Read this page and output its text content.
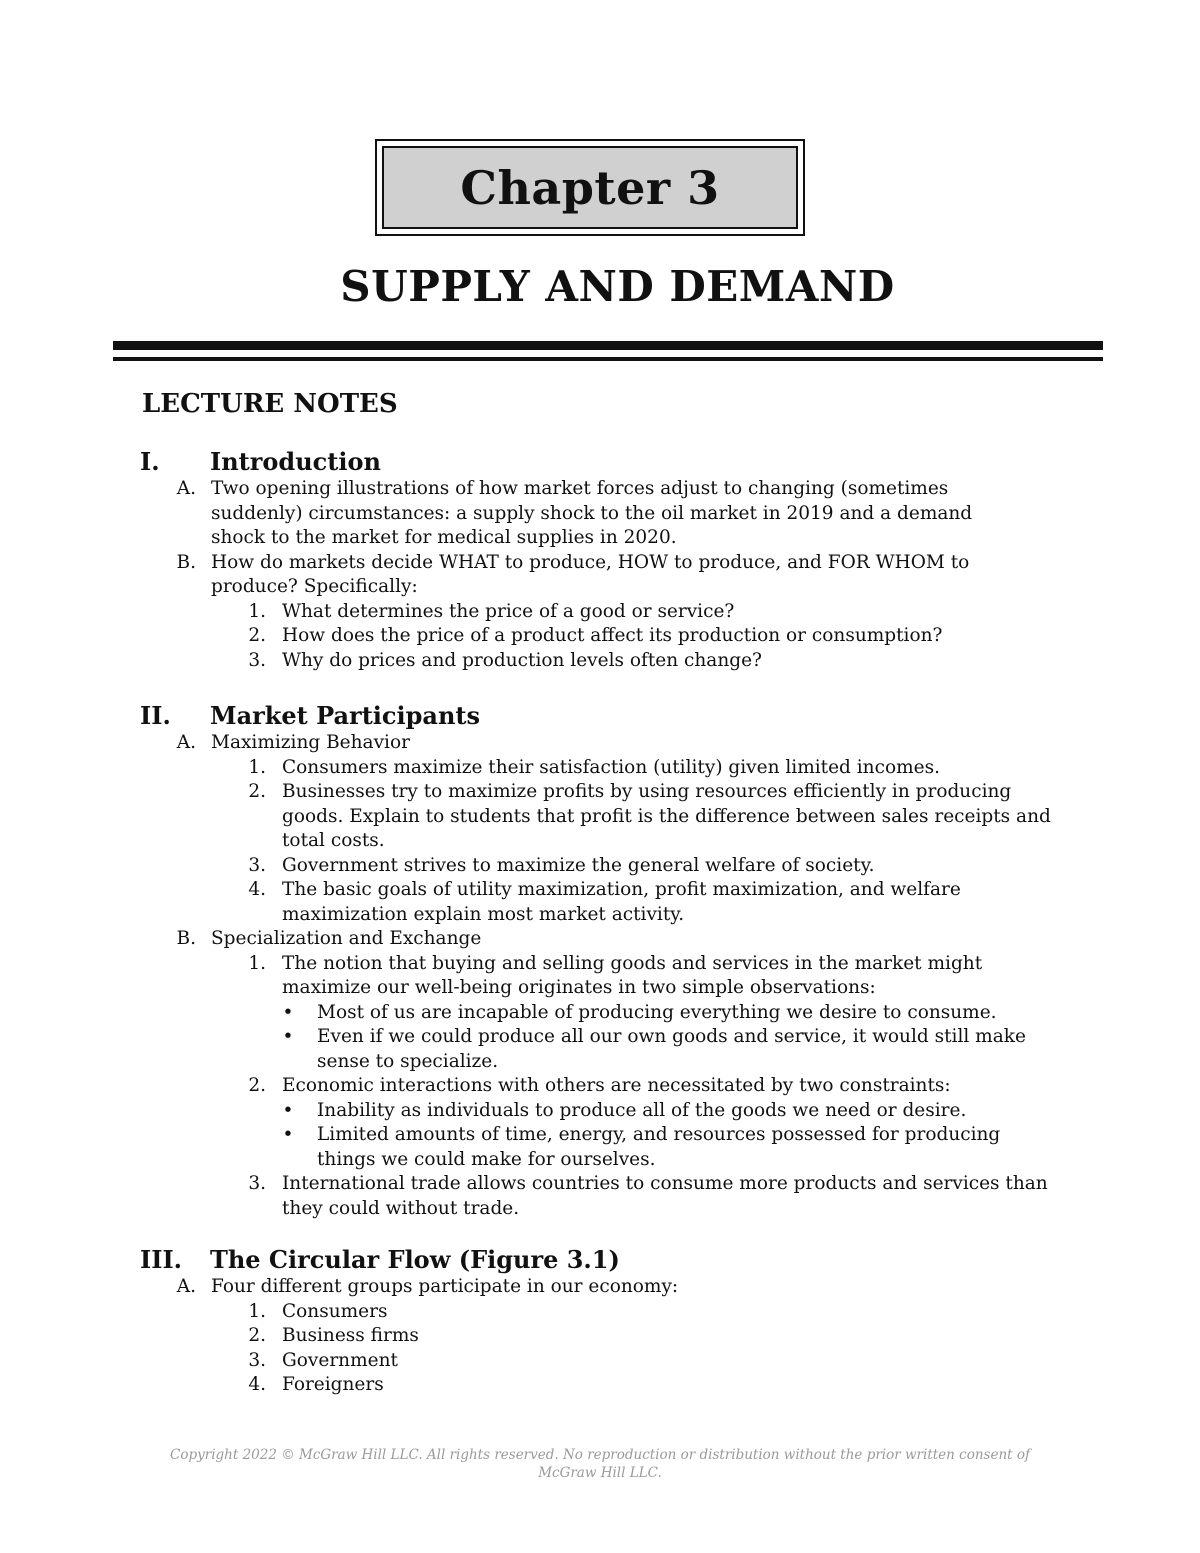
Chapter 3
SUPPLY AND DEMAND
LECTURE NOTES
I. Introduction
A. Two opening illustrations of how market forces adjust to changing (sometimes suddenly) circumstances: a supply shock to the oil market in 2019 and a demand shock to the market for medical supplies in 2020.
B. How do markets decide WHAT to produce, HOW to produce, and FOR WHOM to produce? Specifically:
1. What determines the price of a good or service?
2. How does the price of a product affect its production or consumption?
3. Why do prices and production levels often change?
II. Market Participants
A. Maximizing Behavior
1. Consumers maximize their satisfaction (utility) given limited incomes.
2. Businesses try to maximize profits by using resources efficiently in producing goods. Explain to students that profit is the difference between sales receipts and total costs.
3. Government strives to maximize the general welfare of society.
4. The basic goals of utility maximization, profit maximization, and welfare maximization explain most market activity.
B. Specialization and Exchange
1. The notion that buying and selling goods and services in the market might maximize our well-being originates in two simple observations:
• Most of us are incapable of producing everything we desire to consume.
• Even if we could produce all our own goods and service, it would still make sense to specialize.
2. Economic interactions with others are necessitated by two constraints:
• Inability as individuals to produce all of the goods we need or desire.
• Limited amounts of time, energy, and resources possessed for producing things we could make for ourselves.
3. International trade allows countries to consume more products and services than they could without trade.
III. The Circular Flow (Figure 3.1)
A. Four different groups participate in our economy:
1. Consumers
2. Business firms
3. Government
4. Foreigners
Copyright 2022 © McGraw Hill LLC. All rights reserved. No reproduction or distribution without the prior written consent of McGraw Hill LLC.
